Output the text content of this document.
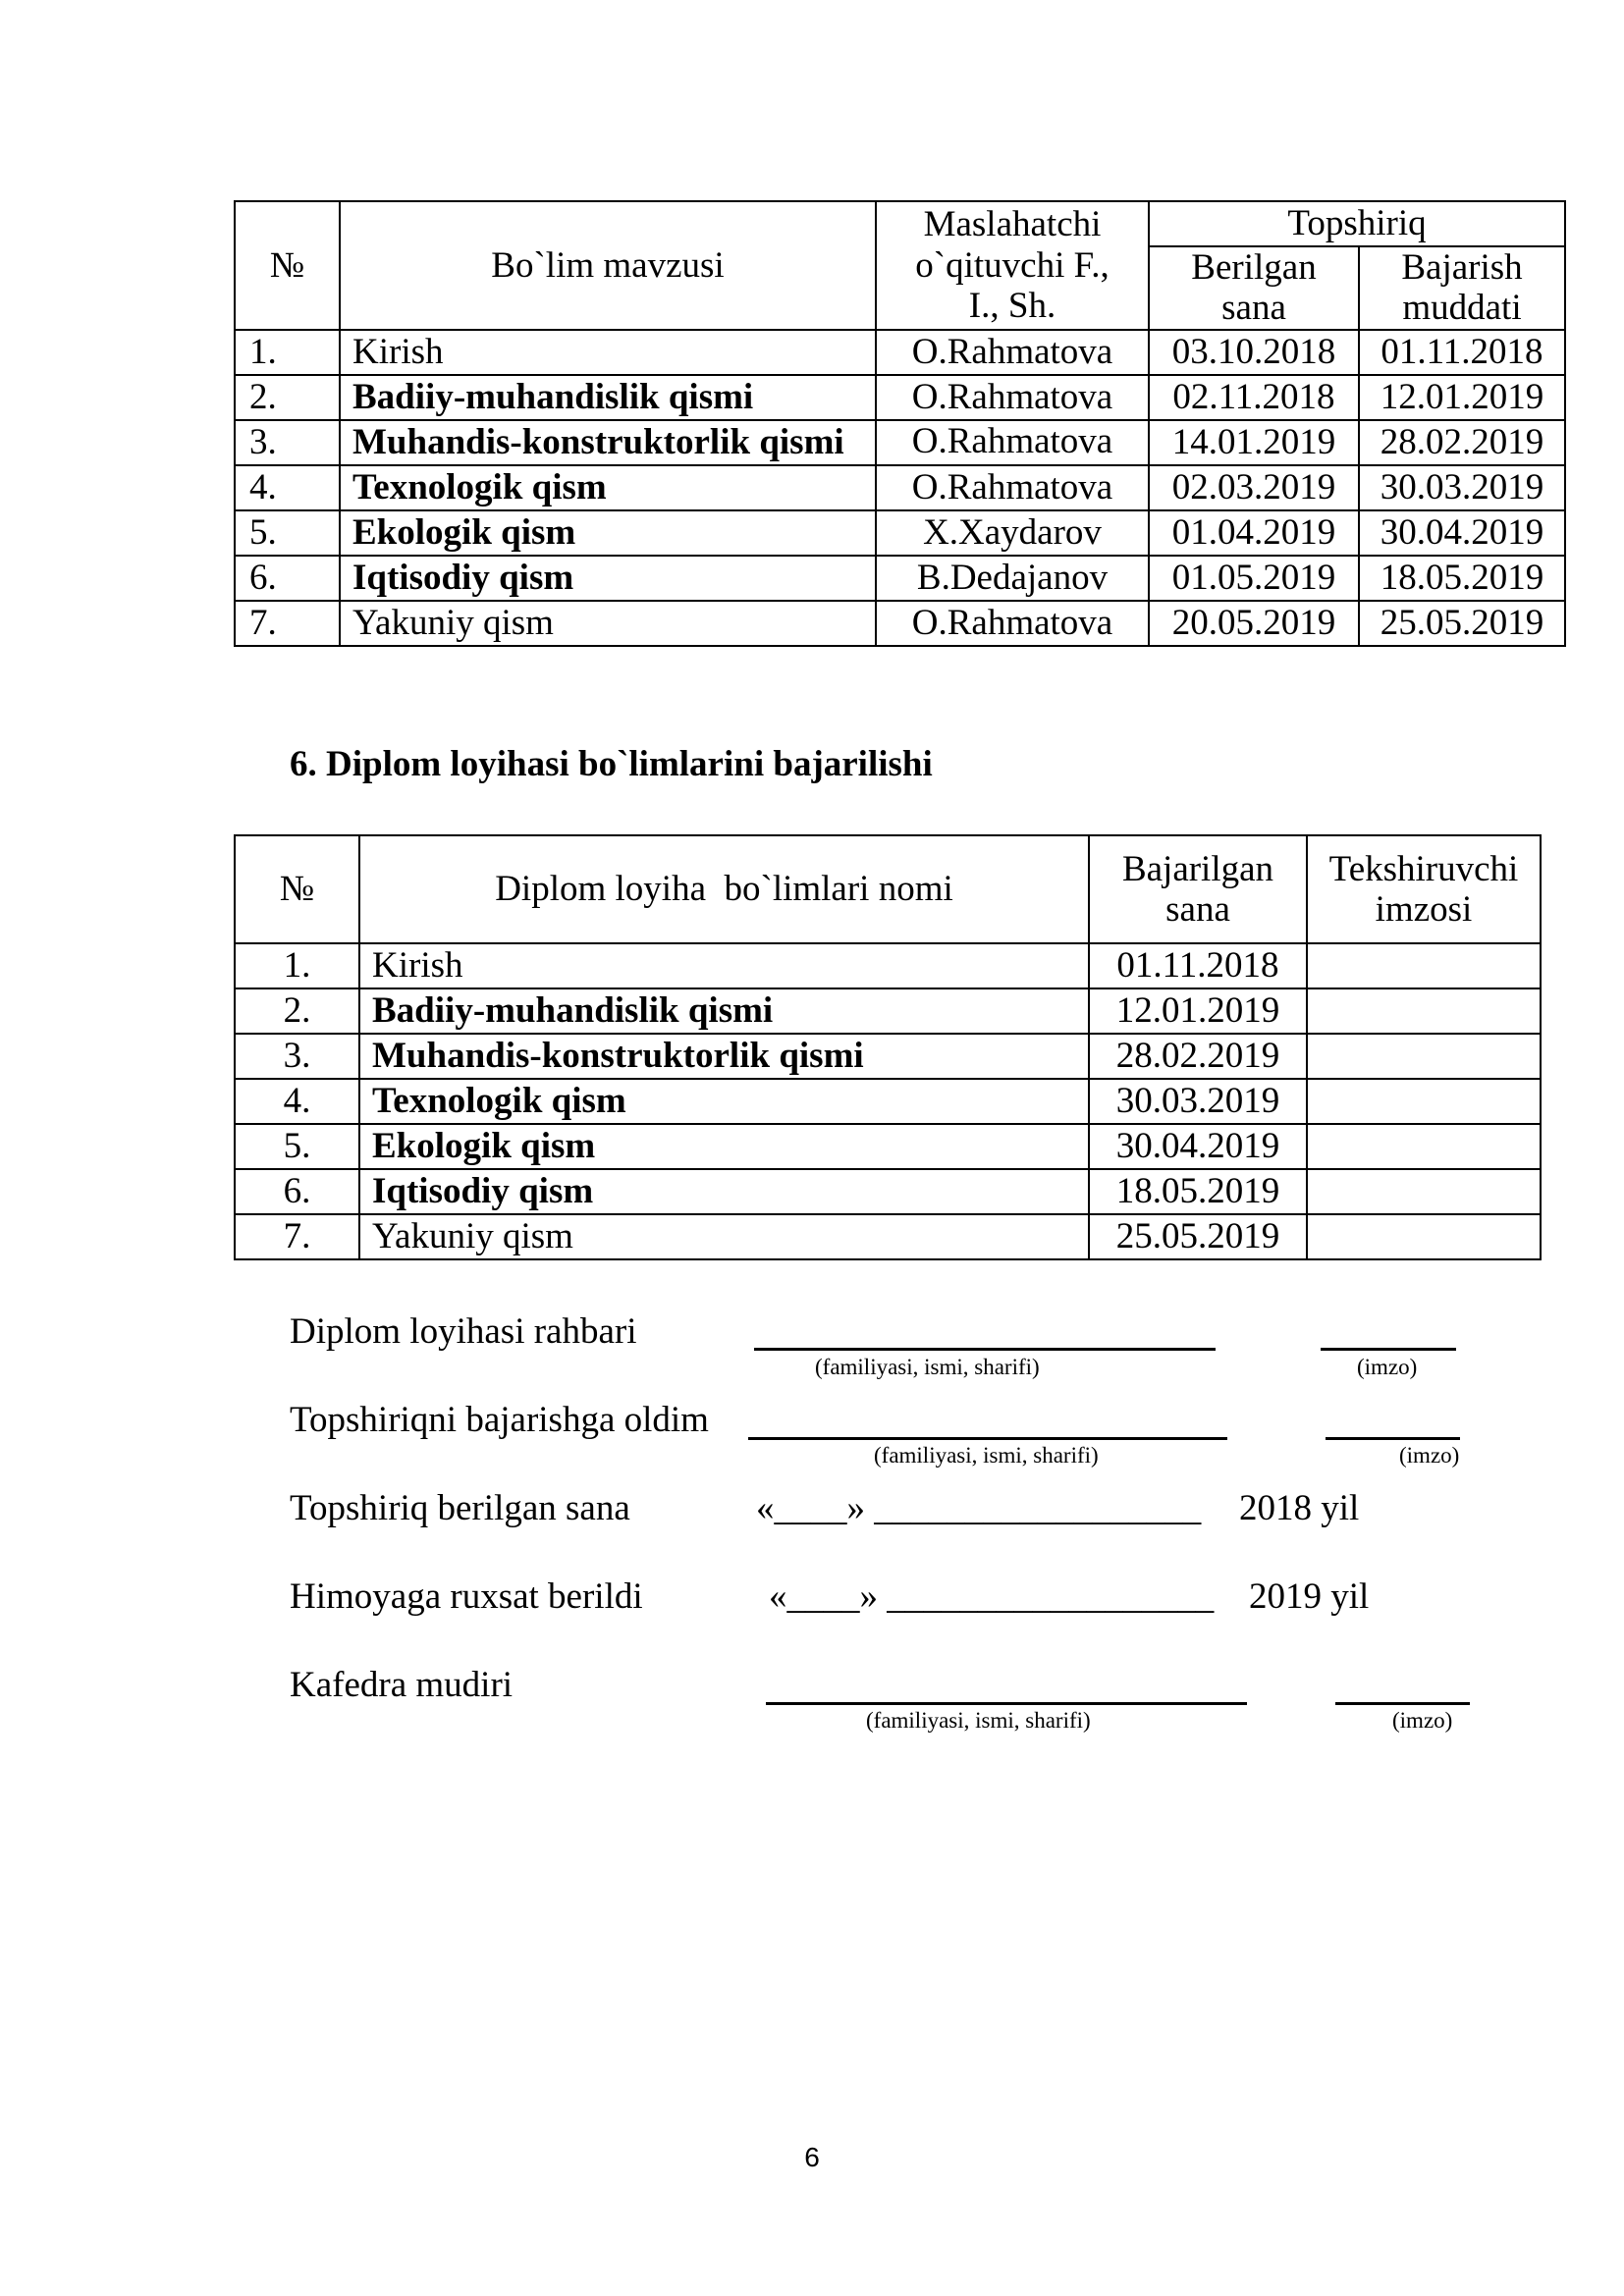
№	Bo`lim mavzusi	Maslahatchi o`qituvchi F., I., Sh.	Topshiriq	
			Berilgan sana	Bajarish muddati
1.	Kirish	O.Rahmatova	03.10.2018	01.11.2018
2.	Badiiy-muhandislik qismi	O.Rahmatova	02.11.2018	12.01.2019
3.	Muhandis-konstruktorlik qismi	O.Rahmatova	14.01.2019	28.02.2019
4.	Texnologik qism	O.Rahmatova	02.03.2019	30.03.2019
5.	Ekologik qism	X.Xaydarov	01.04.2019	30.04.2019
6.	Iqtisodiy qism	B.Dedajanov	01.05.2019	18.05.2019
7.	Yakuniy qism	O.Rahmatova	20.05.2019	25.05.2019
6. Diplom loyihasi bo`limlarini bajarilishi
№	Diplom loyiha  bo`limlari nomi	Bajarilgan sana	Tekshiruvchi imzosi
1.	Kirish	01.11.2018	
2.	Badiiy-muhandislik qismi	12.01.2019	
3.	Muhandis-konstruktorlik qismi	28.02.2019	
4.	Texnologik qism	30.03.2019	
5.	Ekologik qism	30.04.2019	
6.	Iqtisodiy qism	18.05.2019	
7.	Yakuniy qism	25.05.2019	
Diplom loyihasi rahbari
(familiyasi, ismi, sharifi)	(imzo)
Topshiriqni bajarishga oldim
(familiyasi, ismi, sharifi)	(imzo)
Topshiriq berilgan sana	«____» __________________ 2018 yil
Himoyaga ruxsat berildi	«____» __________________ 2019 yil
Kafedra mudiri
(familiyasi, ismi, sharifi)	(imzo)
6
